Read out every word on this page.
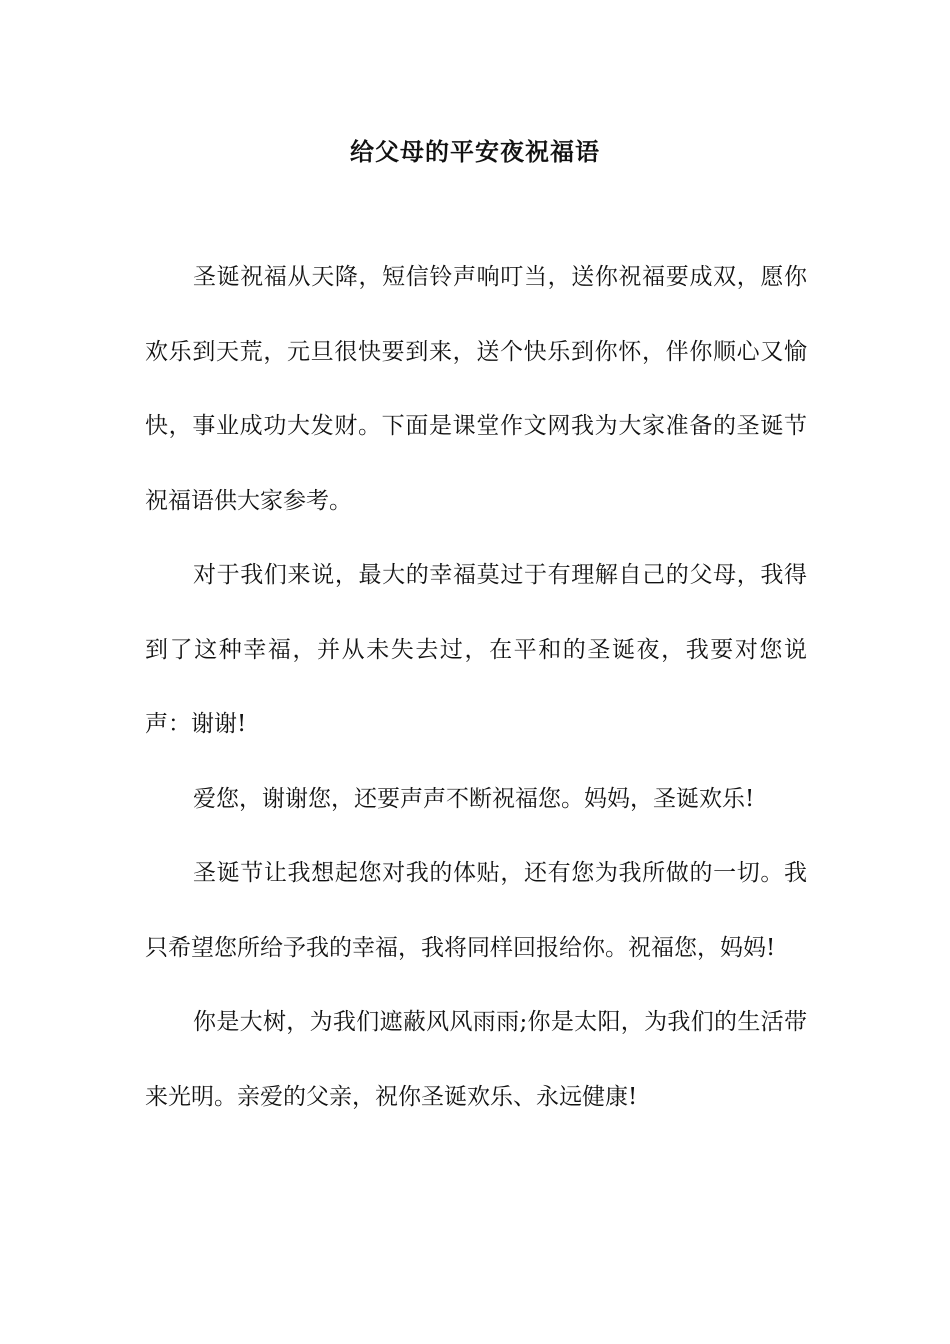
给父母的平安夜祝福语

圣诞祝福从天降，短信铃声响叮当，送你祝福要成双，愿你欢乐到天荒，元旦很快要到来，送个快乐到你怀，伴你顺心又愉快，事业成功大发财。下面是课堂作文网我为大家准备的圣诞节祝福语供大家参考。

对于我们来说，最大的幸福莫过于有理解自己的父母，我得到了这种幸福，并从未失去过，在平和的圣诞夜，我要对您说声：谢谢!

爱您，谢谢您，还要声声不断祝福您。妈妈，圣诞欢乐!

圣诞节让我想起您对我的体贴，还有您为我所做的一切。我只希望您所给予我的幸福，我将同样回报给你。祝福您，妈妈!

你是大树，为我们遮蔽风风雨雨;你是太阳，为我们的生活带来光明。亲爱的父亲，祝你圣诞欢乐、永远健康!
